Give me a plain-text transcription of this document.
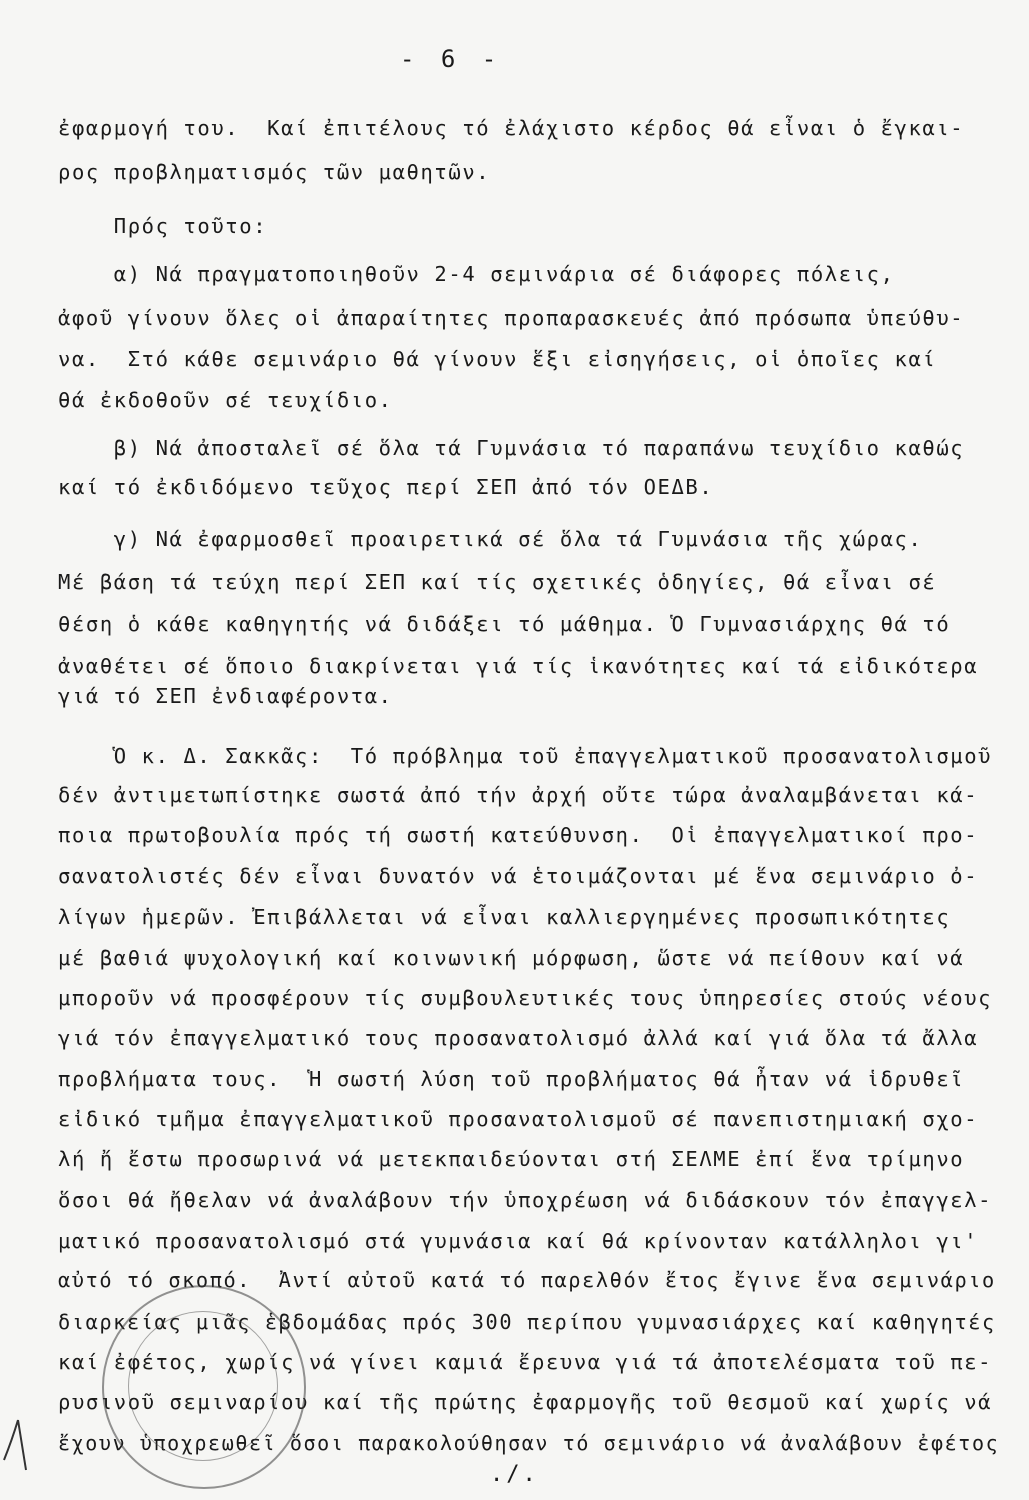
- 6 -
ἐφαρμογή του.  Καί ἐπιτέλους τό ἐλάχιστο κέρδος θά εἶναι ὁ ἔγκαι-
ρος προβληματισμός τῶν μαθητῶν.
Πρός τοῦτο:
α) Νά πραγματοποιηθοῦν 2-4 σεμινάρια σέ διάφορες πόλεις,
ἀφοῦ γίνουν ὅλες οἱ ἀπαραίτητες προπαρασκευές ἀπό πρόσωπα ὑπεύθυ-
να.  Στό κάθε σεμινάριο θά γίνουν ἕξι εἰσηγήσεις, οἱ ὁποῖες καί
θά ἐκδοθοῦν σέ τευχίδιο.
β) Νά ἀποσταλεῖ σέ ὅλα τά Γυμνάσια τό παραπάνω τευχίδιο καθώς
καί τό ἐκδιδόμενο τεῦχος περί ΣΕΠ ἀπό τόν ΟΕΔΒ.
γ) Νά ἐφαρμοσθεῖ προαιρετικά σέ ὅλα τά Γυμνάσια τῆς χώρας.
Μέ βάση τά τεύχη περί ΣΕΠ καί τίς σχετικές ὁδηγίες, θά εἶναι σέ
θέση ὁ κάθε καθηγητής νά διδάξει τό μάθημα. Ὁ Γυμνασιάρχης θά τό
ἀναθέτει σέ ὅποιο διακρίνεται γιά τίς ἱκανότητες καί τά εἰδικότερα
γιά τό ΣΕΠ ἐνδιαφέροντα.
Ὁ κ. Δ. Σακκᾶς:  Τό πρόβλημα τοῦ ἐπαγγελματικοῦ προσανατολισμοῦ
δέν ἀντιμετωπίστηκε σωστά ἀπό τήν ἀρχή οὔτε τώρα ἀναλαμβάνεται κά-
ποια πρωτοβουλία πρός τή σωστή κατεύθυνση.  Οἱ ἐπαγγελματικοί προ-
σανατολιστές δέν εἶναι δυνατόν νά ἑτοιμάζονται μέ ἕνα σεμινάριο ὀ-
λίγων ἡμερῶν. Ἐπιβάλλεται νά εἶναι καλλιεργημένες προσωπικότητες
μέ βαθιά ψυχολογική καί κοινωνική μόρφωση, ὥστε νά πείθουν καί νά
μποροῦν νά προσφέρουν τίς συμβουλευτικές τους ὑπηρεσίες στούς νέους
γιά τόν ἐπαγγελματικό τους προσανατολισμό ἀλλά καί γιά ὅλα τά ἄλλα
προβλήματα τους.  Ἡ σωστή λύση τοῦ προβλήματος θά ἦταν νά ἱδρυθεῖ
εἰδικό τμῆμα ἐπαγγελματικοῦ προσανατολισμοῦ σέ πανεπιστημιακή σχο-
λή ἤ ἔστω προσωρινά νά μετεκπαιδεύονται στή ΣΕΛΜΕ ἐπί ἕνα τρίμηνο
ὅσοι θά ἤθελαν νά ἀναλάβουν τήν ὑποχρέωση νά διδάσκουν τόν ἐπαγγελ-
ματικό προσανατολισμό στά γυμνάσια καί θά κρίνονταν κατάλληλοι γι'
αὐτό τό σκοπό.  Ἀντί αὐτοῦ κατά τό παρελθόν ἔτος ἔγινε ἕνα σεμινάριο
διαρκείας μιᾶς ἑβδομάδας πρός 300 περίπου γυμνασιάρχες καί καθηγητές
καί ἐφέτος, χωρίς νά γίνει καμιά ἔρευνα γιά τά ἀποτελέσματα τοῦ πε-
ρυσινοῦ σεμιναρίου καί τῆς πρώτης ἐφαρμογῆς τοῦ θεσμοῦ καί χωρίς νά
ἔχουν ὑποχρεωθεῖ ὅσοι παρακολούθησαν τό σεμινάριο νά ἀναλάβουν ἐφέτος
./.
